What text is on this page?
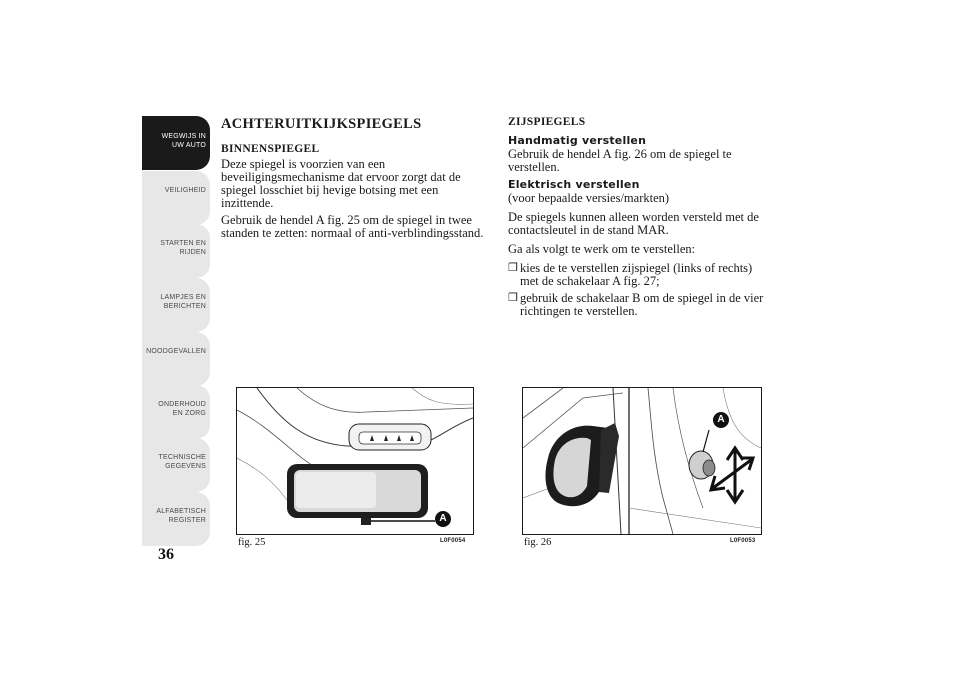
WEGWIJS IN UW AUTO
VEILIGHEID
STARTEN EN RIJDEN
LAMPJES EN BERICHTEN
NOODGEVALLEN
ONDERHOUD EN ZORG
TECHNISCHE GEGEVENS
ALFABETISCH REGISTER
36
ACHTERUITKIJKSPIEGELS
BINNENSPIEGEL

Deze spiegel is voorzien van een beveiligingsmechanisme dat ervoor zorgt dat de spiegel losschiet bij hevige botsing met een inzittende.

Gebruik de hendel A fig. 25 om de spiegel in twee standen te zetten: normaal of anti-verblindingsstand.

ZIJSPIEGELS
Handmatig verstellen

Gebruik de hendel A fig. 26 om de spiegel te verstellen.

Elektrisch verstellen

(voor bepaalde versies/markten)

De spiegels kunnen alleen worden versteld met de contactsleutel in de stand MAR.

Ga als volgt te werk om te verstellen:

❒ kies de te verstellen zijspiegel (links of rechts) met de schakelaar A fig. 27;
❒ gebruik de schakelaar B om de spiegel in de vier richtingen te verstellen.
A
fig. 25	L0F0054
A
fig. 26	L0F0053
